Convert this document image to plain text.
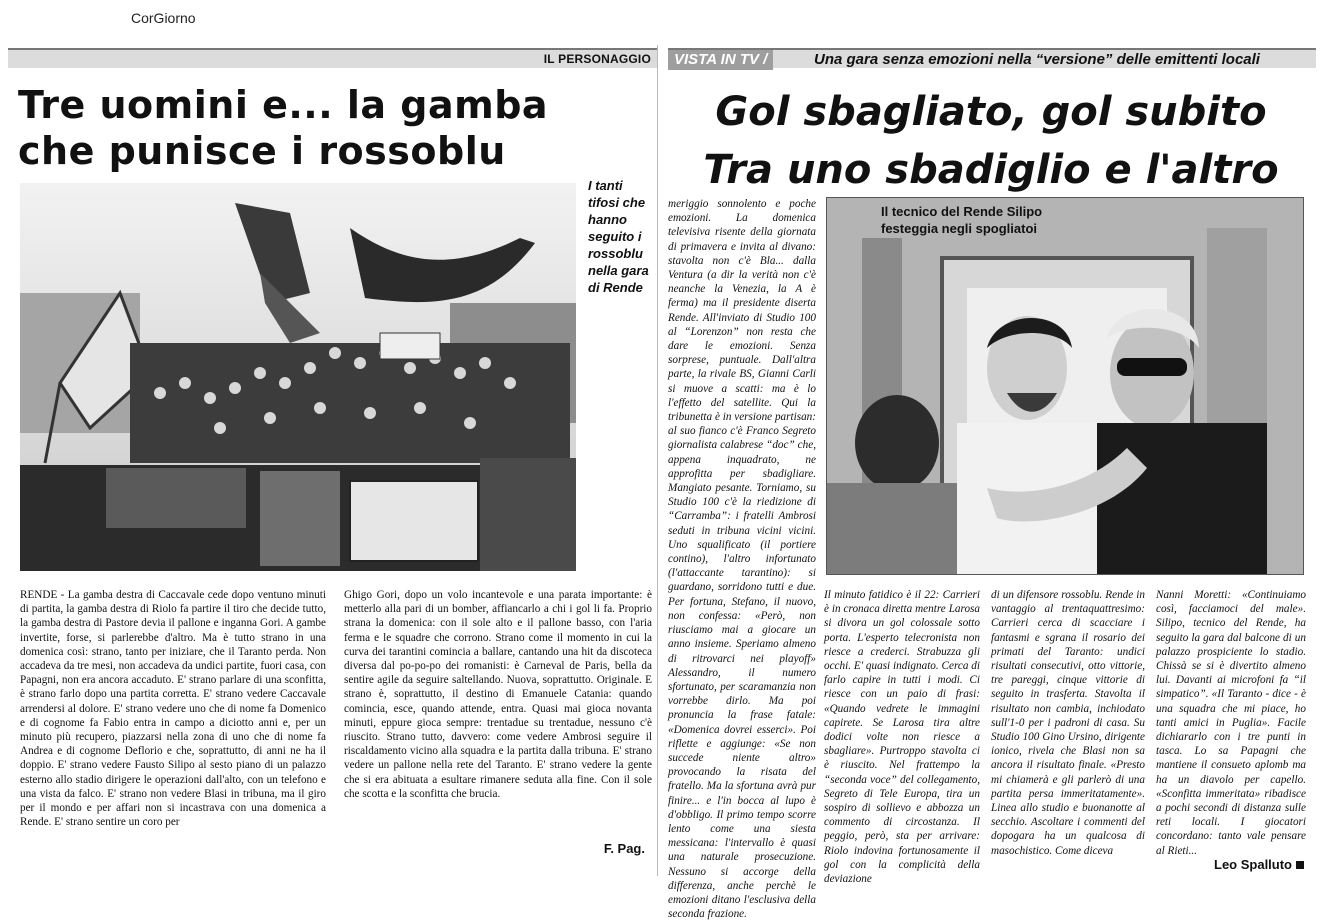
CorGiorno
IL PERSONAGGIO
Tre uomini e... la gamba
che punisce i rossoblu
I tanti tifosi che hanno seguito i rossoblu nella gara di Rende

RENDE - La gamba destra di Caccavale cede dopo ventuno minuti di partita, la gamba destra di Riolo fa partire il tiro che decide tutto, la gamba destra di Pastore devia il pallone e inganna Gori. A gambe invertite, forse, si parlerebbe d'altro. Ma è tutto strano in una domenica così: strano, tanto per iniziare, che il Taranto perda. Non accadeva da tre mesi, non accadeva da undici partite, fuori casa, con Papagni, non era ancora accaduto. E' strano parlare di una sconfitta, è strano farlo dopo una partita corretta. E' strano vedere Caccavale arrendersi al dolore. E' strano vedere uno che di nome fa Domenico e di cognome fa Fabio entra in campo a diciotto anni e, per un minuto più recupero, piazzarsi nella zona di uno che di nome fa Andrea e di cognome Deflorio e che, soprattutto, di anni ne ha il doppio. E' strano vedere Fausto Silipo al sesto piano di un palazzo esterno allo stadio dirigere le operazioni dall'alto, con un telefono e una vista da falco. E' strano non vedere Blasi in tribuna, ma il giro per il mondo e per affari non si incastrava con una domenica a Rende. E' strano sentire un coro per

Ghigo Gori, dopo un volo incantevole e una parata importante: è metterlo alla pari di un bomber, affiancarlo a chi i gol li fa. Proprio strana la domenica: con il sole alto e il pallone basso, con l'aria ferma e le squadre che corrono. Strano come il momento in cui la curva dei tarantini comincia a ballare, cantando una hit da discoteca diversa dal po-po-po dei romanisti: è Carneval de Paris, bella da sentire agile da seguire saltellando. Nuova, soprattutto. Originale. E strano è, soprattutto, il destino di Emanuele Catania: quando comincia, esce, quando attende, entra. Quasi mai gioca novanta minuti, eppure gioca sempre: trentadue su trentadue, nessuno c'è riuscito. Strano tutto, davvero: come vedere Ambrosi seguire il riscaldamento vicino alla squadra e la partita dalla tribuna. E' strano vedere un pallone nella rete del Taranto. E' strano vedere la gente che si era abituata a esultare rimanere seduta alla fine. Con il sole che scotta e la sconfitta che brucia.

F. Pag.
VISTA IN TV /	Una gara senza emozioni nella “versione” delle emittenti locali
Gol sbagliato, gol subito
Tra uno sbadiglio e l'altro

meriggio sonnolento e poche emozioni. La domenica televisiva risente della giornata di primavera e invita al divano: stavolta non c'è Bla... dalla Ventura (a dir la verità non c'è neanche la Venezia, la A è ferma) ma il presidente diserta Rende. All'inviato di Studio 100 al “Lorenzon” non resta che dare le emozioni. Senza sorprese, puntuale. Dall'altra parte, la rivale BS, Gianni Carli si muove a scatti: ma è lo l'effetto del satellite. Qui la tribunetta è in versione partisan: al suo fianco c'è Franco Segreto giornalista calabrese “doc” che, appena inquadrato, ne approfitta per sbadigliare. Mangiato pesante. Torniamo, su Studio 100 c'è la riedizione di “Carramba”: i fratelli Ambrosi seduti in tribuna vicini vicini. Uno squalificato (il portiere contino), l'altro infortunato (l'attaccante tarantino): si guardano, sorridono tutti e due. Per fortuna, Stefano, il nuovo, non confessa: «Però, non riusciamo mai a giocare un anno insieme. Speriamo almeno di ritrovarci nei playoff» Alessandro, il numero sfortunato, per scaramanzia non vorrebbe dirlo. Ma poi pronuncia la frase fatale: «Domenica dovrei esserci». Poi riflette e aggiunge: «Se non succede niente altro» provocando la risata del fratello. Ma la sfortuna avrà pur finire... e l'in bocca al lupo è d'obbligo. Il primo tempo scorre lento come una siesta messicana: l'intervallo è quasi una naturale prosecuzione. Nessuno si accorge della differenza, anche perchè le emozioni ditano l'esclusiva della seconda frazione.

Il tecnico del Rende Silipo
festeggia negli spogliatoi

Il minuto fatidico è il 22: Carrieri è in cronaca diretta mentre Larosa si divora un gol colossale sotto porta. L'esperto telecronista non riesce a crederci. Strabuzza gli occhi. E' quasi indignato. Cerca di farlo capire in tutti i modi. Ci riesce con un paio di frasi: «Quando vedrete le immagini capirete. Se Larosa tira altre dodici volte non riesce a sbagliare». Purtroppo stavolta ci è riuscito. Nel frattempo la “seconda voce” del collegamento, Segreto di Tele Europa, tira un sospiro di sollievo e abbozza un commento di circostanza. Il peggio, però, sta per arrivare: Riolo indovina fortunosamente il gol con la complicità della deviazione

di un difensore rossoblu. Rende in vantaggio al trentaquattresimo: Carrieri cerca di scacciare i fantasmi e sgrana il rosario dei primati del Taranto: undici risultati consecutivi, otto vittorie, tre pareggi, cinque vittorie di seguito in trasferta. Stavolta il risultato non cambia, inchiodato sull'1-0 per i padroni di casa. Su Studio 100 Gino Ursino, dirigente ionico, rivela che Blasi non sa ancora il risultato finale. «Presto mi chiamerà e gli parlerò di una partita persa immeritatamente». Linea allo studio e buonanotte al secchio. Ascoltare i commenti del dopogara ha un qualcosa di masochistico. Come diceva

Nanni Moretti: «Continuiamo così, facciamoci del male». Silipo, tecnico del Rende, ha seguito la gara dal balcone di un palazzo prospiciente lo stadio. Chissà se si è divertito almeno lui. Davanti ai microfoni fa “il simpatico”. «Il Taranto - dice - è una squadra che mi piace, ho tanti amici in Puglia». Facile dichiararlo con i tre punti in tasca. Lo sa Papagni che mantiene il consueto aplomb ma ha un diavolo per capello. «Sconfitta immeritata» ribadisce a pochi secondi di distanza sulle reti locali. I giocatori concordano: tanto vale pensare al Rieti...

Leo Spalluto
